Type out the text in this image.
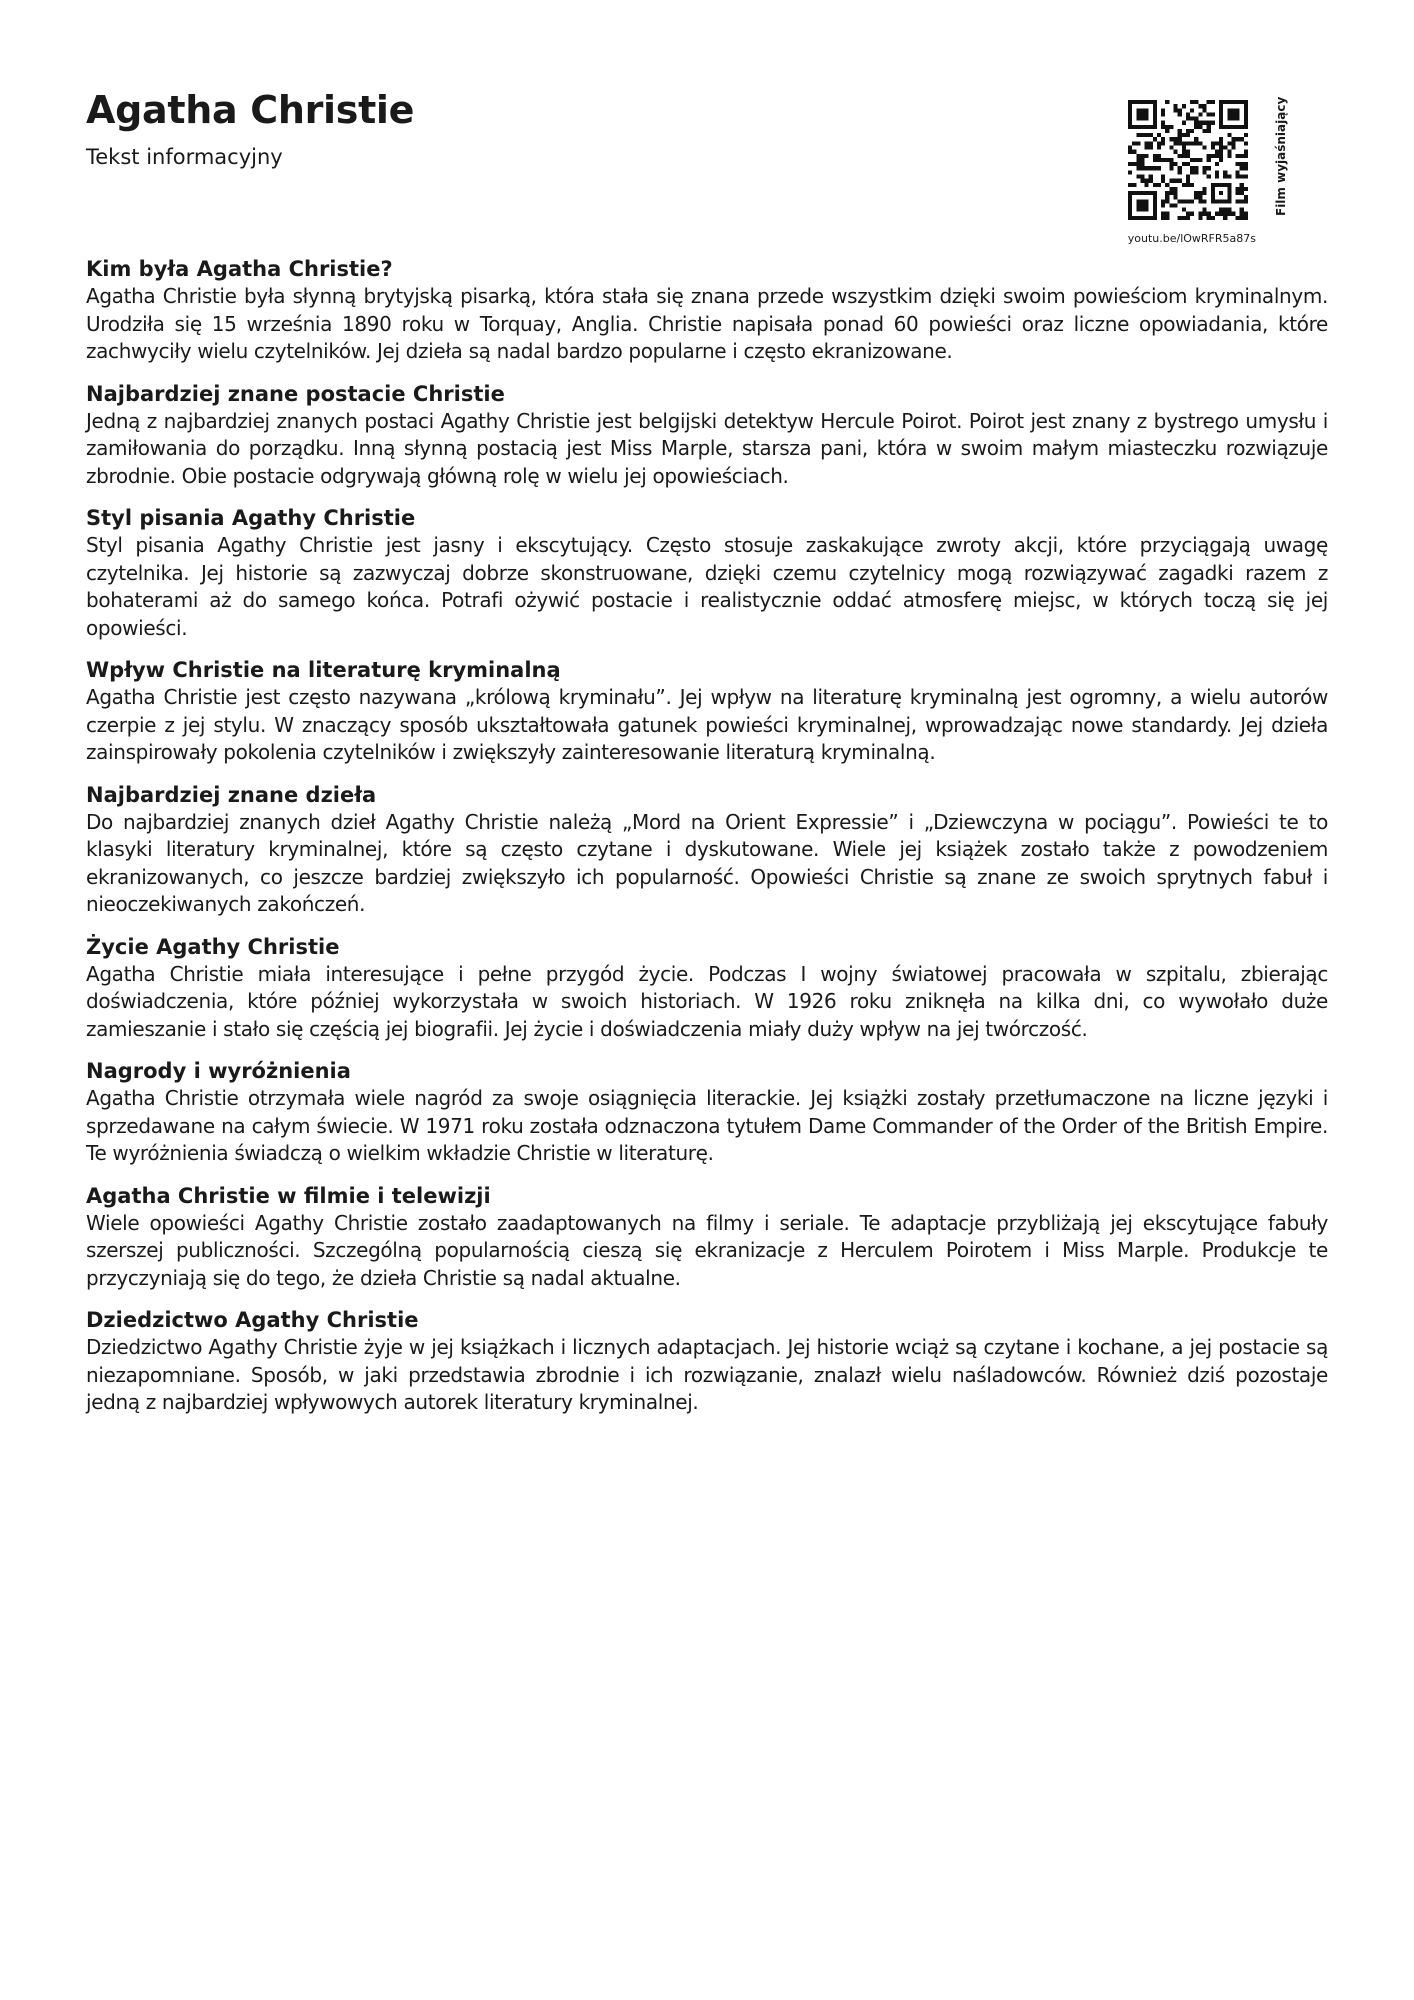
Agatha Christie
Tekst informacyjny
youtu.be/lOwRFR5a87s
Film wyjaśniający
Kim była Agatha Christie?

Agatha Christie była słynną brytyjską pisarką, która stała się znana przede wszystkim dzięki swoim powieściom kryminalnym. Urodziła się 15 września 1890 roku w Torquay, Anglia. Christie napisała ponad 60 powieści oraz liczne opowiadania, które zachwyciły wielu czytelników. Jej dzieła są nadal bardzo popularne i często ekranizowane.

Najbardziej znane postacie Christie

Jedną z najbardziej znanych postaci Agathy Christie jest belgijski detektyw Hercule Poirot. Poirot jest znany z bystrego umysłu i zamiłowania do porządku. Inną słynną postacią jest Miss Marple, starsza pani, która w swoim małym miasteczku rozwiązuje zbrodnie. Obie postacie odgrywają główną rolę w wielu jej opowieściach.

Styl pisania Agathy Christie

Styl pisania Agathy Christie jest jasny i ekscytujący. Często stosuje zaskakujące zwroty akcji, które przyciągają uwagę czytelnika. Jej historie są zazwyczaj dobrze skonstruowane, dzięki czemu czytelnicy mogą rozwiązywać zagadki razem z bohaterami aż do samego końca. Potrafi ożywić postacie i realistycznie oddać atmosferę miejsc, w których toczą się jej opowieści.

Wpływ Christie na literaturę kryminalną

Agatha Christie jest często nazywana „królową kryminału”. Jej wpływ na literaturę kryminalną jest ogromny, a wielu autorów czerpie z jej stylu. W znaczący sposób ukształtowała gatunek powieści kryminalnej, wprowadzając nowe standardy. Jej dzieła zainspirowały pokolenia czytelników i zwiększyły zainteresowanie literaturą kryminalną.

Najbardziej znane dzieła

Do najbardziej znanych dzieł Agathy Christie należą „Mord na Orient Expressie” i „Dziewczyna w pociągu”. Powieści te to klasyki literatury kryminalnej, które są często czytane i dyskutowane. Wiele jej książek zostało także z powodzeniem ekranizowanych, co jeszcze bardziej zwiększyło ich popularność. Opowieści Christie są znane ze swoich sprytnych fabuł i nieoczekiwanych zakończeń.

Życie Agathy Christie

Agatha Christie miała interesujące i pełne przygód życie. Podczas I wojny światowej pracowała w szpitalu, zbierając doświadczenia, które później wykorzystała w swoich historiach. W 1926 roku zniknęła na kilka dni, co wywołało duże zamieszanie i stało się częścią jej biografii. Jej życie i doświadczenia miały duży wpływ na jej twórczość.

Nagrody i wyróżnienia

Agatha Christie otrzymała wiele nagród za swoje osiągnięcia literackie. Jej książki zostały przetłumaczone na liczne języki i sprzedawane na całym świecie. W 1971 roku została odznaczona tytułem Dame Commander of the Order of the British Empire. Te wyróżnienia świadczą o wielkim wkładzie Christie w literaturę.

Agatha Christie w filmie i telewizji

Wiele opowieści Agathy Christie zostało zaadaptowanych na filmy i seriale. Te adaptacje przybliżają jej ekscytujące fabuły szerszej publiczności. Szczególną popularnością cieszą się ekranizacje z Herculem Poirotem i Miss Marple. Produkcje te przyczyniają się do tego, że dzieła Christie są nadal aktualne.

Dziedzictwo Agathy Christie

Dziedzictwo Agathy Christie żyje w jej książkach i licznych adaptacjach. Jej historie wciąż są czytane i kochane, a jej postacie są niezapomniane. Sposób, w jaki przedstawia zbrodnie i ich rozwiązanie, znalazł wielu naśladowców. Również dziś pozostaje jedną z najbardziej wpływowych autorek literatury kryminalnej.
